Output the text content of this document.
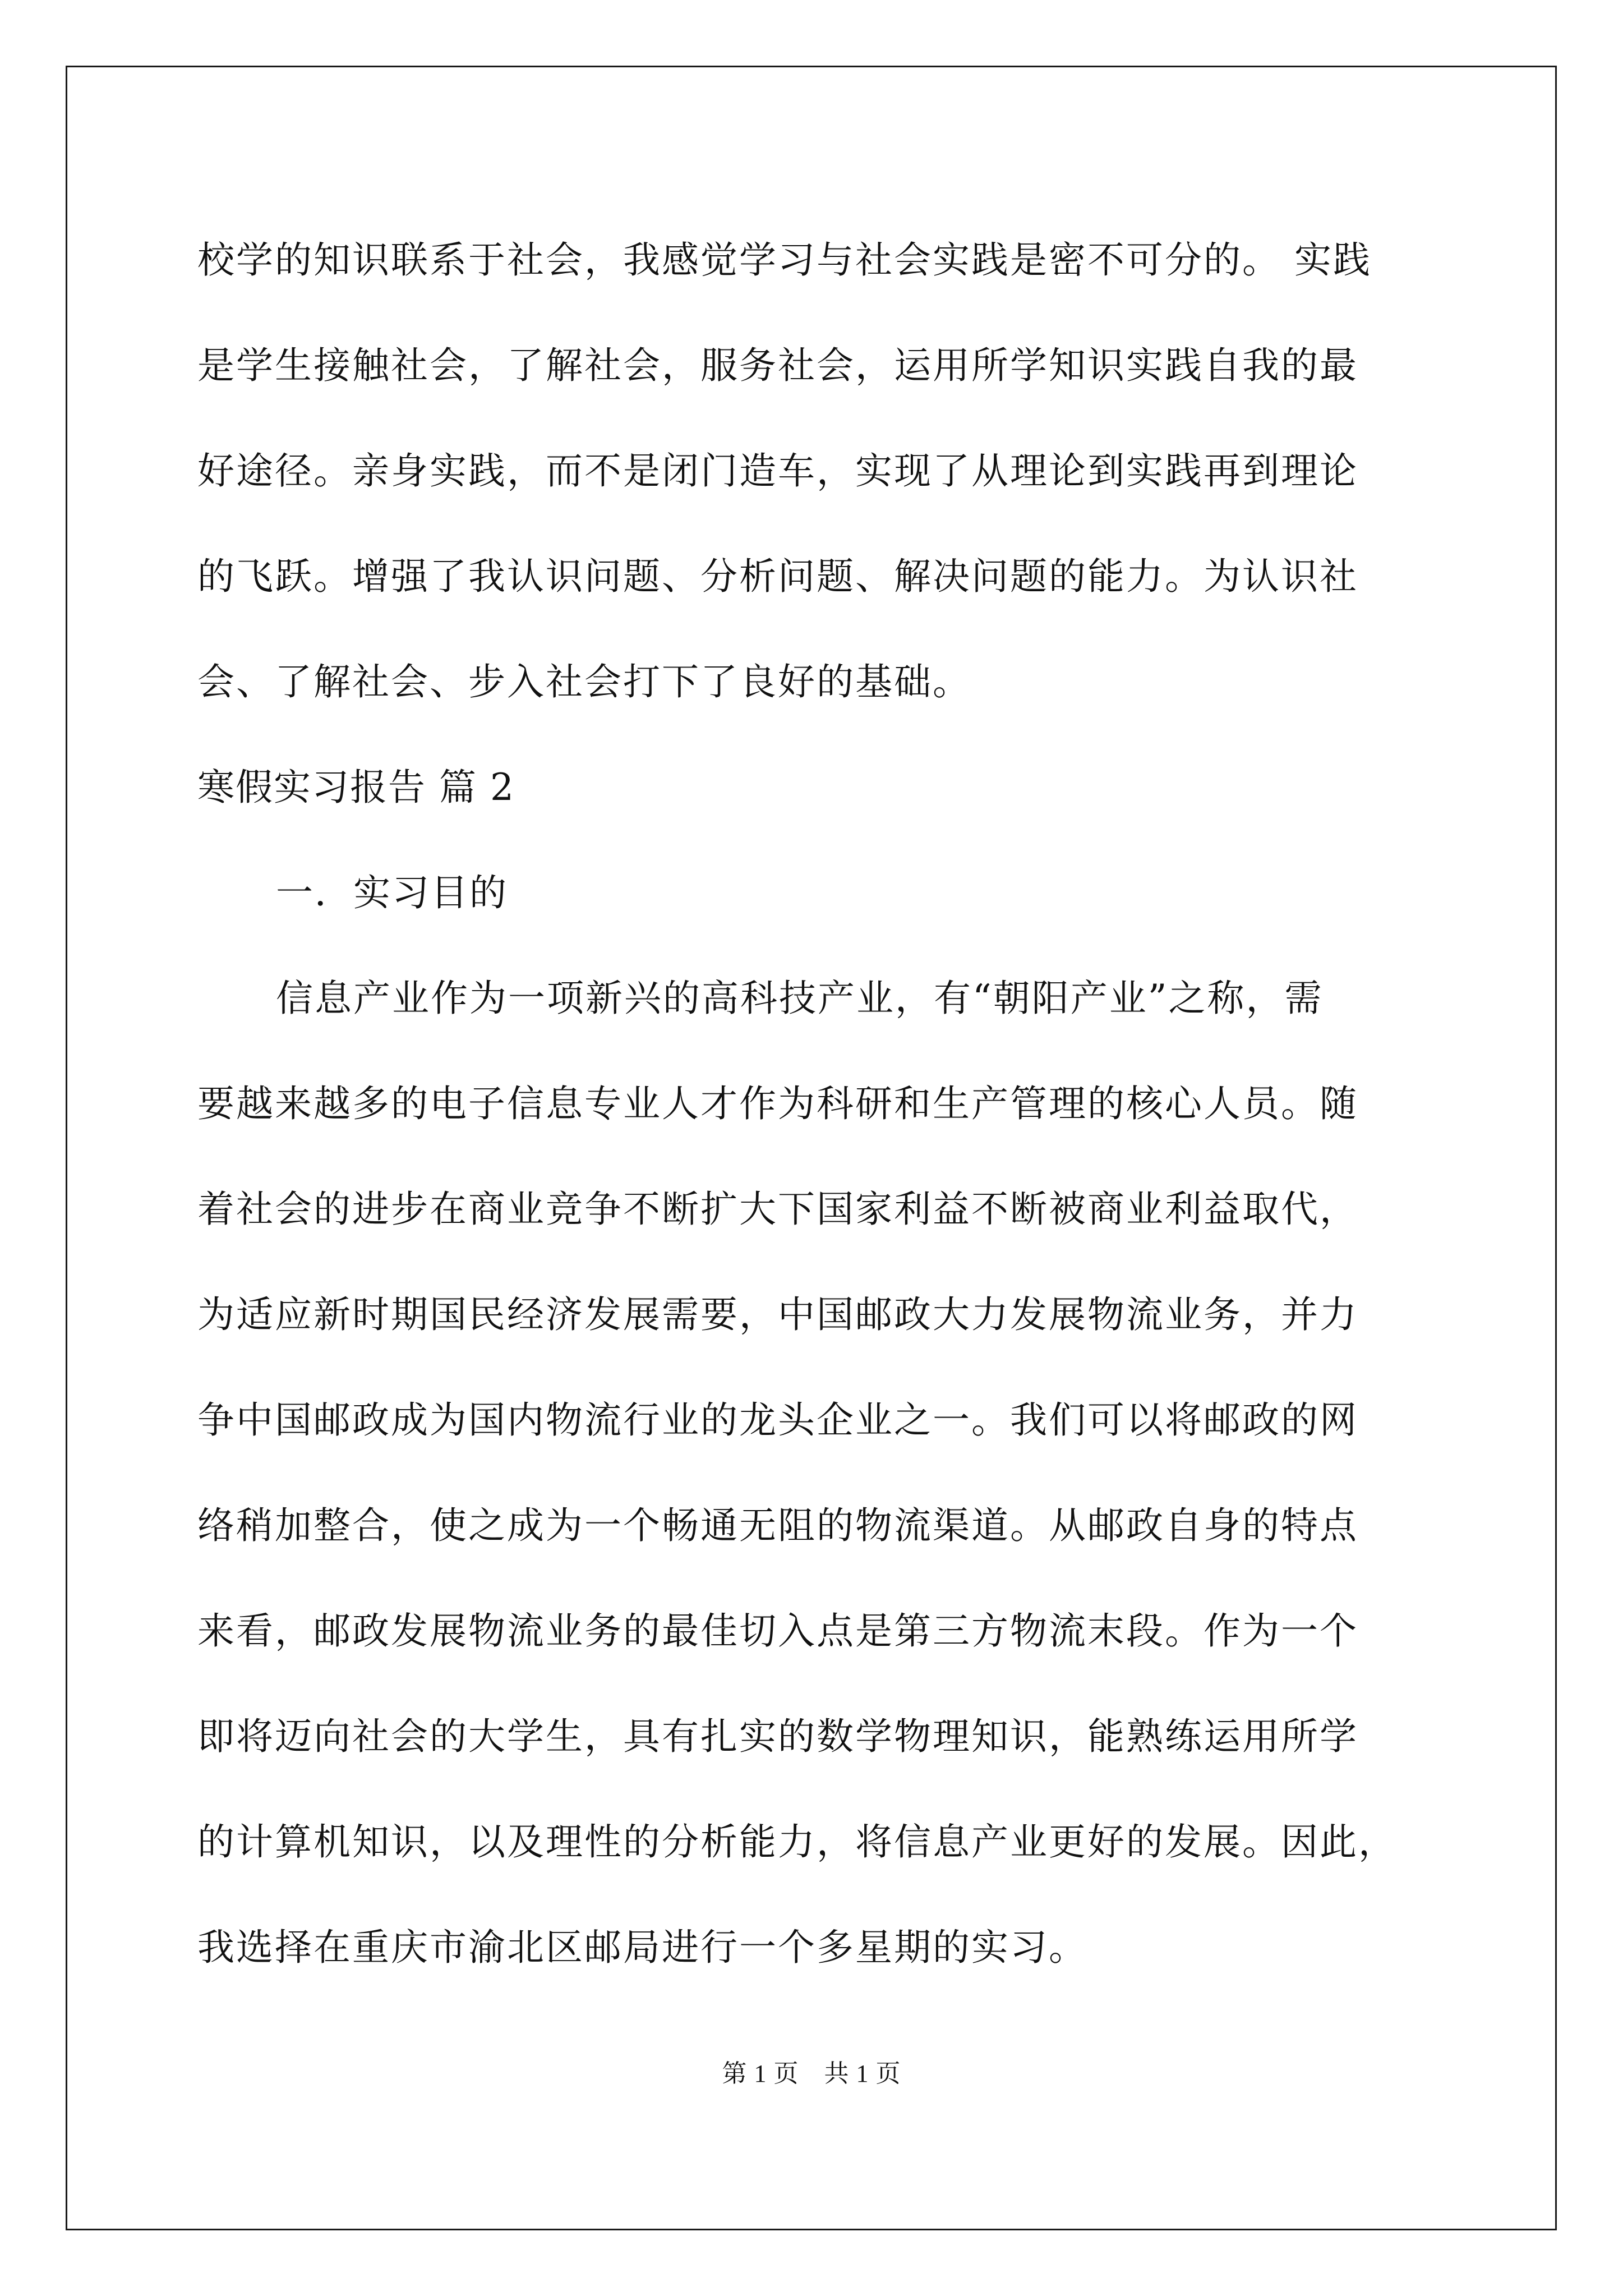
校学的知识联系于社会，我感觉学习与社会实践是密不可分的。 实践
是学生接触社会，了解社会，服务社会，运用所学知识实践自我的最
好途径。亲身实践，而不是闭门造车，实现了从理论到实践再到理论
的飞跃。增强了我认识问题、分析问题、解决问题的能力。为认识社
会、了解社会、步入社会打下了良好的基础。
寒假实习报告 篇 2
一．实习目的
信息产业作为一项新兴的高科技产业，有“朝阳产业”之称，需
要越来越多的电子信息专业人才作为科研和生产管理的核心人员。随
着社会的进步在商业竞争不断扩大下国家利益不断被商业利益取代，
为适应新时期国民经济发展需要，中国邮政大力发展物流业务，并力
争中国邮政成为国内物流行业的龙头企业之一。我们可以将邮政的网
络稍加整合，使之成为一个畅通无阻的物流渠道。从邮政自身的特点
来看，邮政发展物流业务的最佳切入点是第三方物流末段。作为一个
即将迈向社会的大学生，具有扎实的数学物理知识，能熟练运用所学
的计算机知识，以及理性的分析能力，将信息产业更好的发展。因此，
我选择在重庆市渝北区邮局进行一个多星期的实习。
第 1 页　共 1 页
